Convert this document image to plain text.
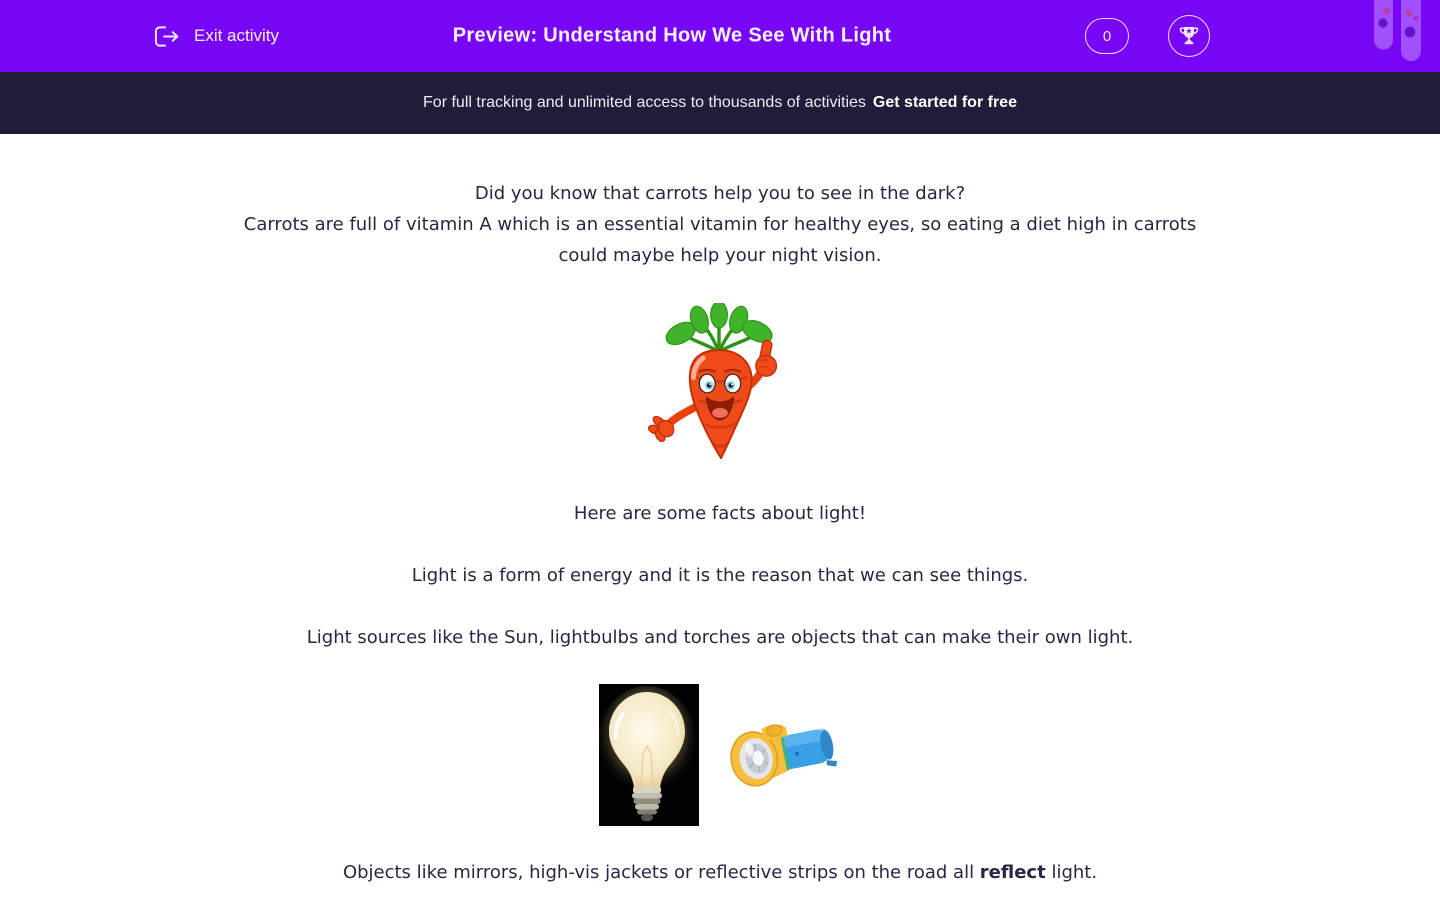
Exit activity	Preview: Understand How We See With Light	0
For full tracking and unlimited access to thousands of activities Get started for free
Did you know that carrots help you to see in the dark?
Carrots are full of vitamin A which is an essential vitamin for healthy eyes, so eating a diet high in carrots
could maybe help your night vision.
Here are some facts about light!
Light is a form of energy and it is the reason that we can see things.
Light sources like the Sun, lightbulbs and torches are objects that can make their own light.
Objects like mirrors, high-vis jackets or reflective strips on the road all reflect light.
